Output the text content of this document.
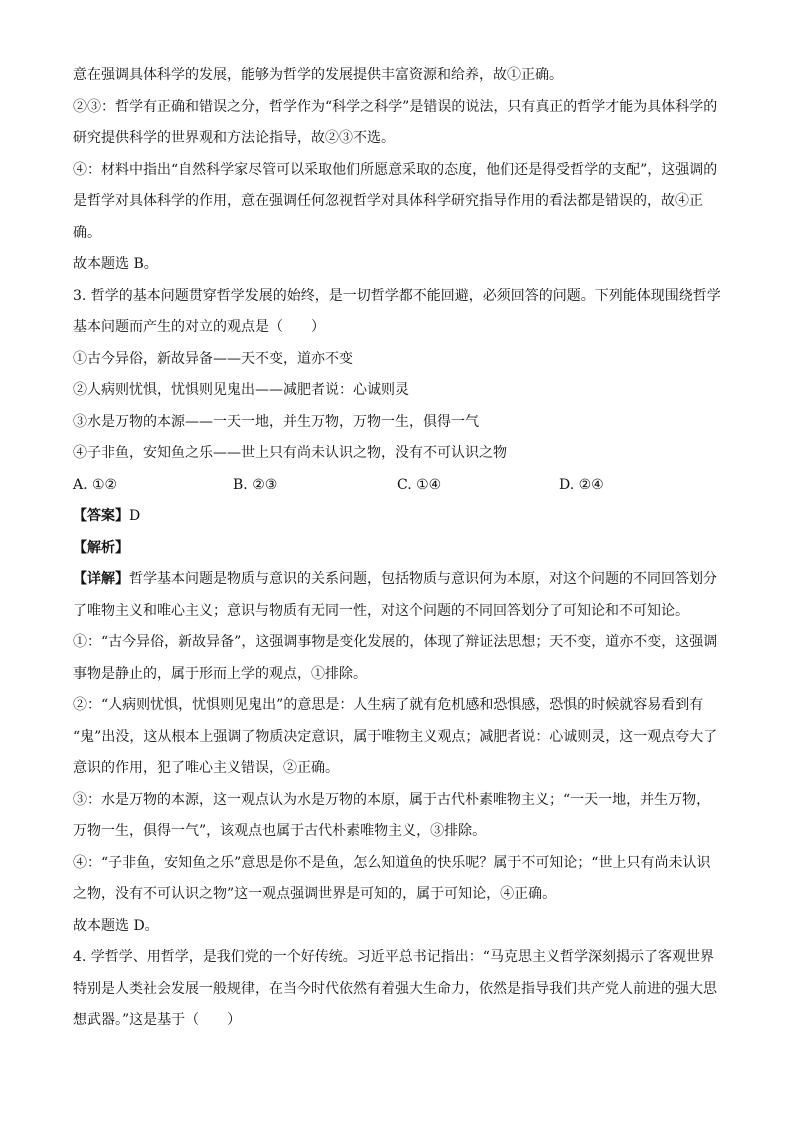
意在强调具体科学的发展，能够为哲学的发展提供丰富资源和给养，故①正确。
②③：哲学有正确和错误之分，哲学作为“科学之科学”是错误的说法，只有真正的哲学才能为具体科学的
研究提供科学的世界观和方法论指导，故②③不选。
④：材料中指出“自然科学家尽管可以采取他们所愿意采取的态度，他们还是得受哲学的支配”，这强调的
是哲学对具体科学的作用，意在强调任何忽视哲学对具体科学研究指导作用的看法都是错误的，故④正
确。
故本题选 B。
3. 哲学的基本问题贯穿哲学发展的始终，是一切哲学都不能回避，必须回答的问题。下列能体现围绕哲学
基本问题而产生的对立的观点是（　　）
①古今异俗，新故异备——天不变，道亦不变
②人病则忧惧，忧惧则见鬼出——减肥者说：心诚则灵
③水是万物的本源——一天一地，并生万物，万物一生，俱得一气
④子非鱼，安知鱼之乐——世上只有尚未认识之物，没有不可认识之物
A. ①②	B. ②③	C. ①④	D. ②④
【答案】D
【解析】
【详解】哲学基本问题是物质与意识的关系问题，包括物质与意识何为本原，对这个问题的不同回答划分
了唯物主义和唯心主义；意识与物质有无同一性，对这个问题的不同回答划分了可知论和不可知论。
①：“古今异俗，新故异备”，这强调事物是变化发展的，体现了辩证法思想；天不变，道亦不变，这强调
事物是静止的，属于形而上学的观点，①排除。
②：“人病则忧惧，忧惧则见鬼出”的意思是：人生病了就有危机感和恐惧感，恐惧的时候就容易看到有
“鬼”出没，这从根本上强调了物质决定意识，属于唯物主义观点；减肥者说：心诚则灵，这一观点夸大了
意识的作用，犯了唯心主义错误，②正确。
③：水是万物的本源，这一观点认为水是万物的本原，属于古代朴素唯物主义；“一天一地，并生万物，
万物一生，俱得一气”，该观点也属于古代朴素唯物主义，③排除。
④：“子非鱼，安知鱼之乐”意思是你不是鱼，怎么知道鱼的快乐呢？属于不可知论；“世上只有尚未认识
之物，没有不可认识之物”这一观点强调世界是可知的，属于可知论，④正确。
故本题选 D。
4. 学哲学、用哲学，是我们党的一个好传统。习近平总书记指出：“马克思主义哲学深刻揭示了客观世界
特别是人类社会发展一般规律，在当今时代依然有着强大生命力，依然是指导我们共产党人前进的强大思
想武器。”这是基于（　　）
